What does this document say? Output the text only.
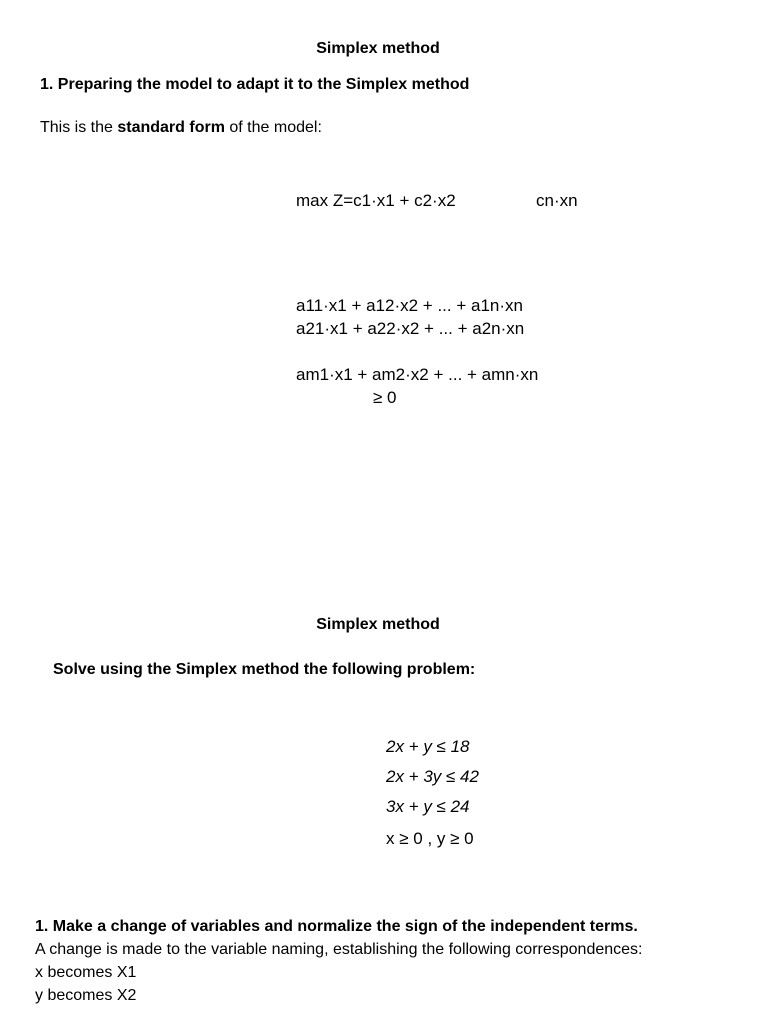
Simplex method
1. Preparing the model to adapt it to the Simplex method
This is the standard form of the model:
max Z=c1·x1 + c2·x2	cn·xn
a11·x1 + a12·x2 + ... + a1n·xn
a21·x1 + a22·x2 + ... + a2n·xn
am1·x1 + am2·x2 + ... + amn·xn
≥ 0
Simplex method
Solve using the Simplex method the following problem:
2x + y ≤ 18
2x + 3y ≤ 42
3x + y ≤ 24
x ≥ 0 , y ≥ 0
1. Make a change of variables and normalize the sign of the independent terms.
A change is made to the variable naming, establishing the following correspondences:
x becomes X1
y becomes X2
